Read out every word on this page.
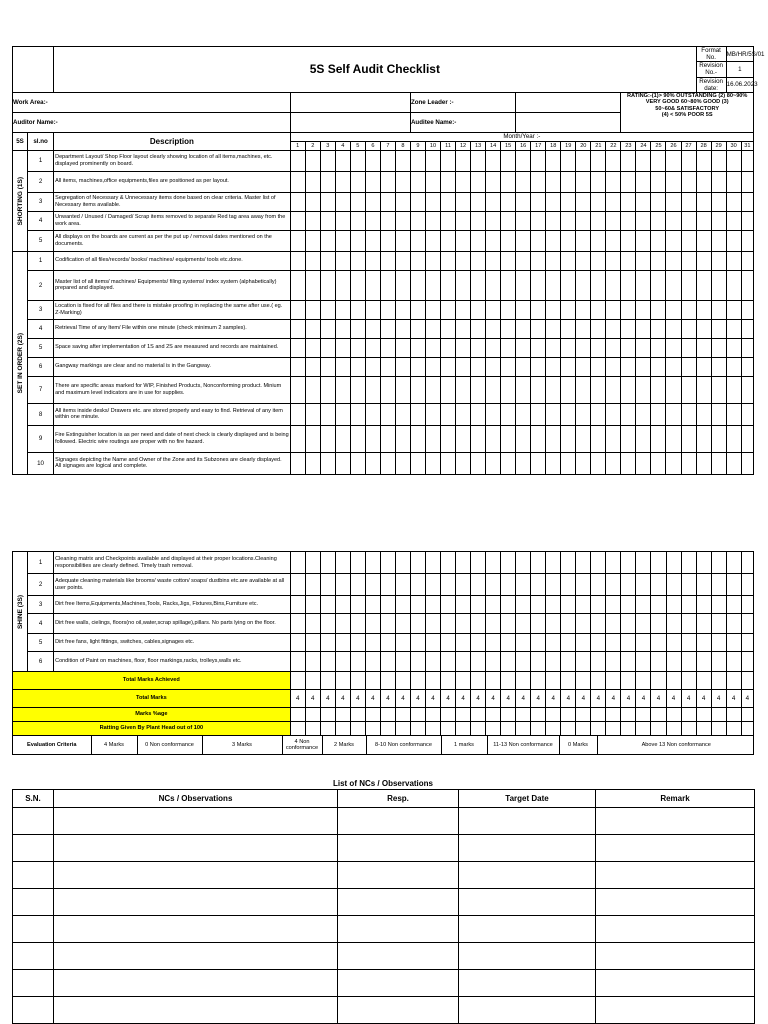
		5S Self Audit Checklist																												Format No.		MB/HR/5S/01	
																														Revision No.-		1	
																														Revision date:		16.06.2023	
Work Area:-											Zone Leader :-														RATING:-(1)> 90% OUTSTANDING (2) 80~90% VERY GOOD 60~80% GOOD (3)
50~60& SATISFACTORY
(4) < 50% POOR 5S								

Auditor Name:-											Auditee Name:-																						
5S	sl.no	Description	Month/Year :-																														
			1	2	3	4	5	6	7	8	9	10	11	12	13	14	15	16	17	18	19	20	21	22	23	24	25	26	27	28	29	30	31

SHORTING (1S)	1	Department Layout/ Shop Floor layout clearly showing location of all items,machines, etc. displayed prominently on board.																															
	2	All items, machines,office equipments,files are positioned as per layout.																															
	3	Segregation of Necessary & Unnecessary items done based on clear criteria. Master list of Necessary items available.																															
	4	Unwanted / Unused / Damaged/ Scrap items removed to separate Red tag area away from the work area.																															
	5	All displays on the boards are current as per the put up / removal dates mentioned on the documents.																															

SET IN ORDER (2S)	1	Codification of all files/records/ books/ machines/ equipments/ tools etc.done.																															
	2	Master list of all items/ machines/ Equipments/ filing systems/ index system (alphabetically) prepared and displayed.																															
	3	Location is fixed for all files and there is mistake proofing in replacing the same after use.( eg. Z-Marking)																															
	4	Retrieval Time of any Item/ File within one minute (check minimum 2 samples).																															
	5	Space saving after implementation of 1S and 2S are measured and records are maintained.																															
	6	Gangway markings are clear and no material is in the Gangway.																															
	7	There are specific areas marked for WIP, Finished Products, Nonconforming product. Minium and maximum level indicators are in use for supplies.																															
	8	All items inside desks/ Drawers etc. are stored properly and easy to find. Retrieval of any item within one minute.																															
	9	Fire Extinguisher location is as per need and date of next check is clearly displayed and is being followed. Electric wire routings are proper with no fire hazard.																															
	10	Signages depicting the Name and Owner of the Zone and its Subzones are clearly displayed. All signages are logical and complete.																															
SHINE (3S)
	1	Cleaning matrix and Checkpoints available and displayed at their proper locations.Cleaning responsibilities are clearly defined. Timely trash removal.																															
2	Adequate cleaning materials like brooms/ waste cotton/ soaps/ dustbins etc.are available at all user points.																															
3	Dirt free Items,Equipments,Machines,Tools, Racks,Jigs, Fixtures,Bins,Furniture etc.																															
4	Dirt free walls, cielings, floors(no oil,water,scrap spillage),pillars. No parts lying on the floor.																															
5	Dirt free fans, light fittings, switches, cables,signages etc.																															
6	Condition of Paint on machines, floor, floor markings,racks, trolleys,walls etc.																															
Total Marks Achieved																															
Total Marks	4	4	4	4	4	4	4	4	4	4	4	4	4	4	4	4	4	4	4	4	4	4	4	4	4	4	4	4	4	4	4
Marks %age																															
Ratting Given By Plant Head out of 100																															

Evaluation Criteria	4 Marks	0 Non conformance	3 Marks	4 Non conformance	2 Marks	8-10 Non conformance	1 marks	11-13 Non conformance	0 Marks	Above 13 Non conformance
List of NCs / Observations
S.N.	NCs / Observations	Resp.	Target Date	Remark
